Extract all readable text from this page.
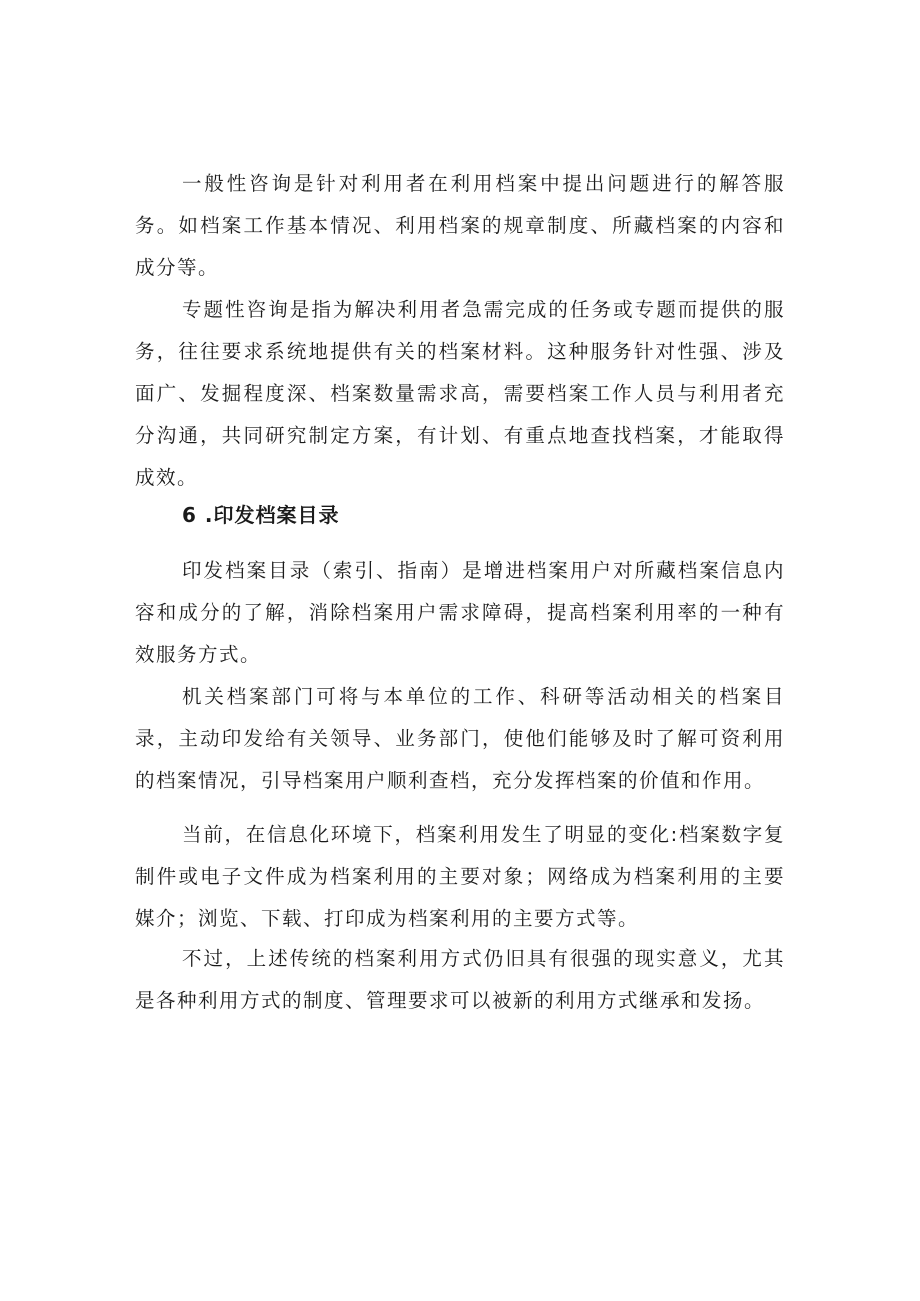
一般性咨询是针对利用者在利用档案中提出问题进行的解答服务。如档案工作基本情况、利用档案的规章制度、所藏档案的内容和成分等。

专题性咨询是指为解决利用者急需完成的任务或专题而提供的服务，往往要求系统地提供有关的档案材料。这种服务针对性强、涉及面广、发掘程度深、档案数量需求高，需要档案工作人员与利用者充分沟通，共同研究制定方案，有计划、有重点地查找档案，才能取得成效。

6 .印发档案目录

印发档案目录（索引、指南）是增进档案用户对所藏档案信息内容和成分的了解，消除档案用户需求障碍，提高档案利用率的一种有效服务方式。

机关档案部门可将与本单位的工作、科研等活动相关的档案目录，主动印发给有关领导、业务部门，使他们能够及时了解可资利用的档案情况，引导档案用户顺利查档，充分发挥档案的价值和作用。

当前，在信息化环境下，档案利用发生了明显的变化:档案数字复制件或电子文件成为档案利用的主要对象；网络成为档案利用的主要媒介；浏览、下载、打印成为档案利用的主要方式等。

不过，上述传统的档案利用方式仍旧具有很强的现实意义，尤其是各种利用方式的制度、管理要求可以被新的利用方式继承和发扬。
